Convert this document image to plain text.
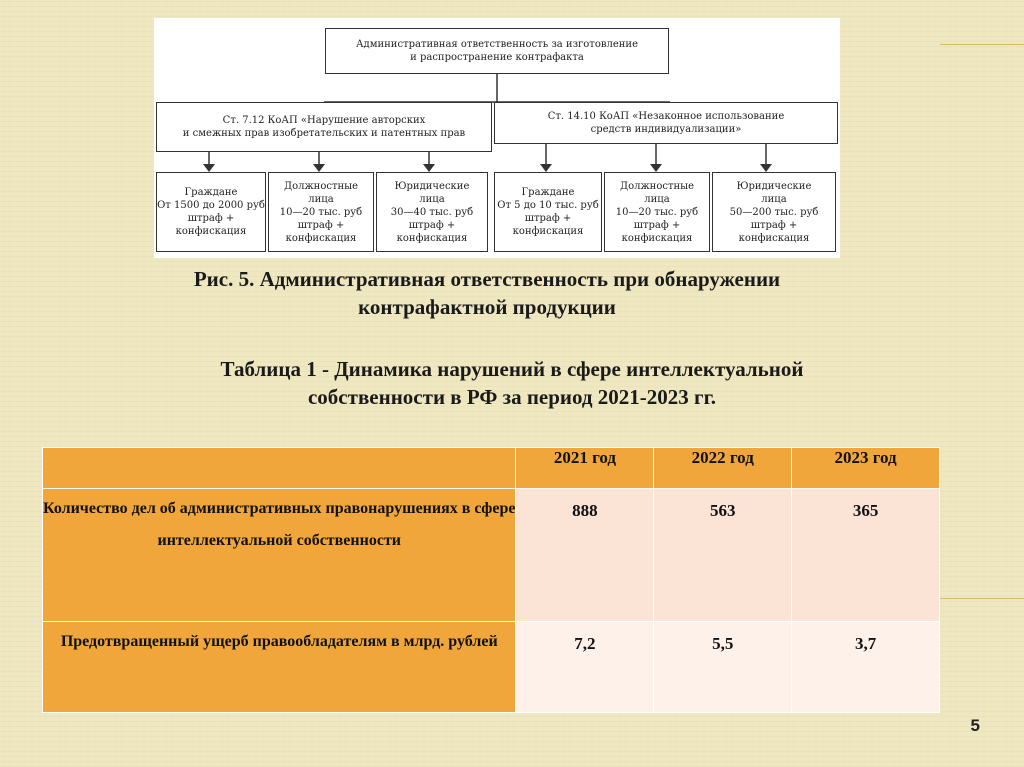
Административная ответственность за изготовление
и распространение контрафакта
Ст. 7.12 КоАП «Нарушение авторских
и смежных прав изобретательских и патентных прав
Ст. 14.10 КоАП «Незаконное использование
средств индивидуализации»
Граждане
От 1500 до 2000 руб
штраф +
конфискация
Должностные
лица
10—20 тыс. руб
штраф +
конфискация
Юридические
лица
30—40 тыс. руб
штраф +
конфискация
Граждане
От 5 до 10 тыс. руб
штраф +
конфискация
Должностные
лица
10—20 тыс. руб
штраф +
конфискация
Юридические
лица
50—200 тыс. руб
штраф +
конфискация
Рис. 5. Административная ответственность при обнаружении
контрафактной продукции
Таблица 1 - Динамика нарушений в сфере интеллектуальной
собственности в РФ за период 2021-2023 гг.
	2021 год	2022 год	2023 год
Количество дел об административных правонарушениях в сфере интеллектуальной собственности	888	563	365
Предотвращенный ущерб правообладателям в млрд. рублей	7,2	5,5	3,7
5
